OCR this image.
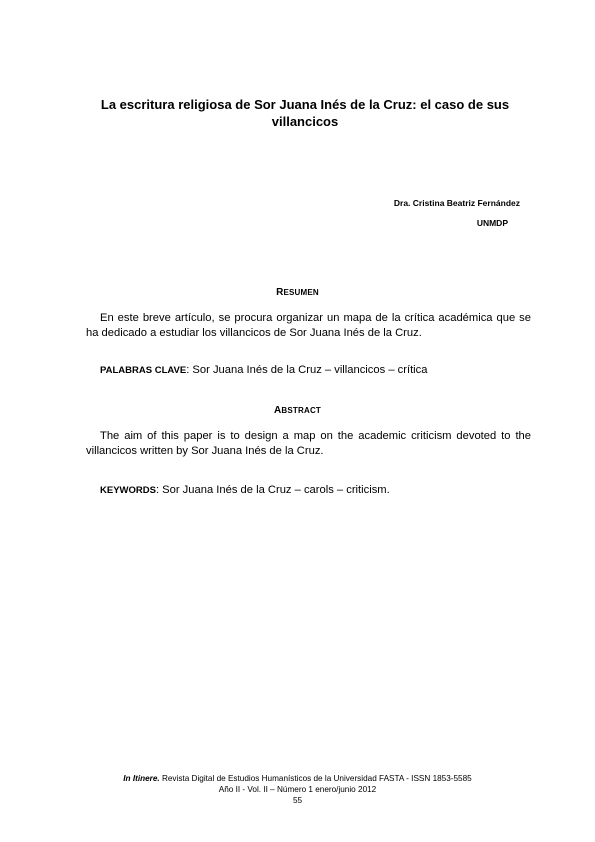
La escritura religiosa de Sor Juana Inés de la Cruz: el caso de sus
villancicos
Dra. Cristina Beatriz Fernández
UNMDP
RESUMEN
En este breve artículo, se procura organizar un mapa de la crítica académica que se ha dedicado a estudiar los villancicos de Sor Juana Inés de la Cruz.
PALABRAS CLAVE: Sor Juana Inés de la Cruz – villancicos – crítica
ABSTRACT
The aim of this paper is to design a map on the academic criticism devoted to the villancicos written by Sor Juana Inés de la Cruz.
KEYWORDS: Sor Juana Inés de la Cruz – carols – criticism.
In Itinere. Revista Digital de Estudios Humanísticos de la Universidad FASTA - ISSN 1853-5585
Año II - Vol. II – Número 1 enero/junio 2012
55
